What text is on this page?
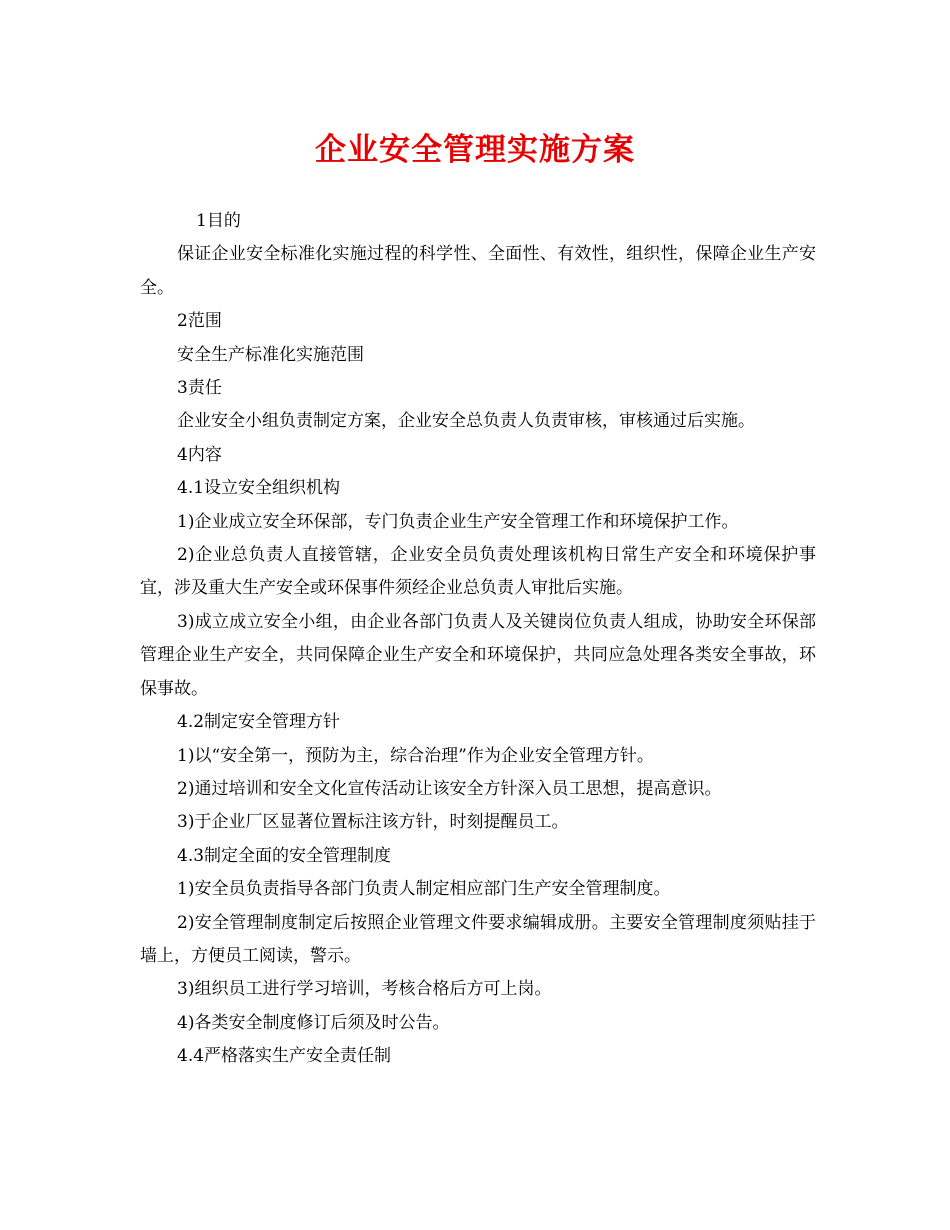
企业安全管理实施方案

1目的

保证企业安全标准化实施过程的科学性、全面性、有效性，组织性，保障企业生产安全。

2范围

安全生产标准化实施范围

3责任

企业安全小组负责制定方案，企业安全总负责人负责审核，审核通过后实施。

4内容

4.1设立安全组织机构

1)企业成立安全环保部，专门负责企业生产安全管理工作和环境保护工作。

2)企业总负责人直接管辖，企业安全员负责处理该机构日常生产安全和环境保护事宜，涉及重大生产安全或环保事件须经企业总负责人审批后实施。

3)成立成立安全小组，由企业各部门负责人及关键岗位负责人组成，协助安全环保部管理企业生产安全，共同保障企业生产安全和环境保护，共同应急处理各类安全事故，环保事故。

4.2制定安全管理方针

1)以“安全第一，预防为主，综合治理”作为企业安全管理方针。

2)通过培训和安全文化宣传活动让该安全方针深入员工思想，提高意识。

3)于企业厂区显著位置标注该方针，时刻提醒员工。

4.3制定全面的安全管理制度

1)安全员负责指导各部门负责人制定相应部门生产安全管理制度。

2)安全管理制度制定后按照企业管理文件要求编辑成册。主要安全管理制度须贴挂于墙上，方便员工阅读，警示。

3)组织员工进行学习培训，考核合格后方可上岗。

4)各类安全制度修订后须及时公告。

4.4严格落实生产安全责任制
